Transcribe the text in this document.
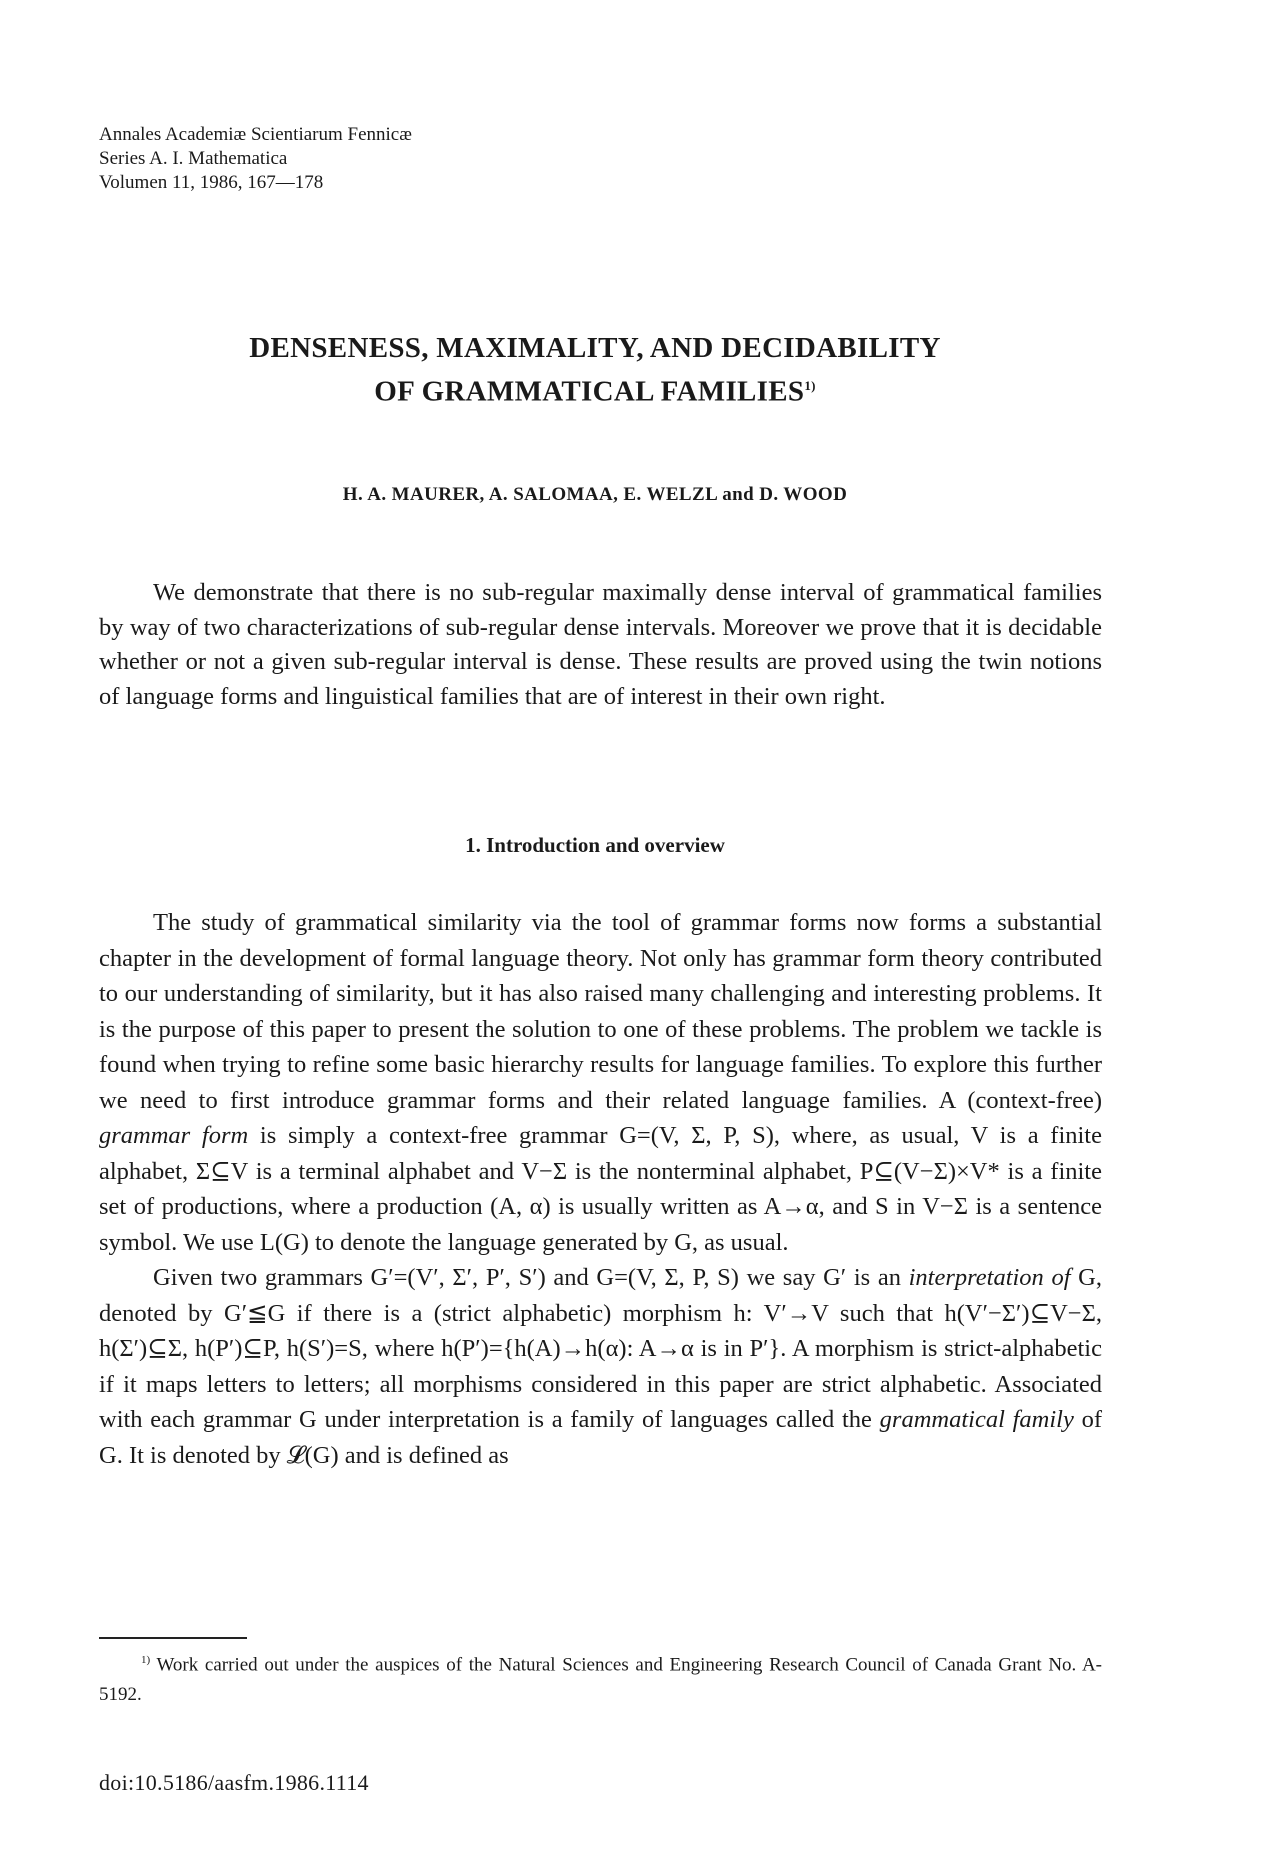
Annales Academiæ Scientiarum Fennicæ
Series A. I. Mathematica
Volumen 11, 1986, 167—178
DENSENESS, MAXIMALITY, AND DECIDABILITY
OF GRAMMATICAL FAMILIES$^{1)}$
H. A. MAURER, A. SALOMAA, E. WELZL and D. WOOD
We demonstrate that there is no sub-regular maximally dense interval of grammatical families by way of two characterizations of sub-regular dense intervals. Moreover we prove that it is decidable whether or not a given sub-regular interval is dense. These results are proved using the twin notions of language forms and linguistical families that are of interest in their own right.
1. Introduction and overview

The study of grammatical similarity via the tool of grammar forms now forms a substantial chapter in the development of formal language theory. Not only has grammar form theory contributed to our understanding of similarity, but it has also raised many challenging and interesting problems. It is the purpose of this paper to present the solution to one of these problems. The problem we tackle is found when trying to refine some basic hierarchy results for language families. To explore this further we need to first introduce grammar forms and their related language families. A (context-free) grammar form is simply a context-free grammar G=(V, Σ, P, S), where, as usual, V is a finite alphabet, Σ⊆V is a terminal alphabet and V−Σ is the nonterminal alphabet, P⊆(V−Σ)×V* is a finite set of productions, where a production (A, α) is usually written as A→α, and S in V−Σ is a sentence symbol. We use L(G) to denote the language generated by G, as usual.

Given two grammars G′=(V′, Σ′, P′, S′) and G=(V, Σ, P, S) we say G′ is an interpretation of G, denoted by G′≦G if there is a (strict alphabetic) morphism h: V′→V such that h(V′−Σ′)⊆V−Σ, h(Σ′)⊆Σ, h(P′)⊆P, h(S′)=S, where h(P′)={h(A)→h(α): A→α is in P′}. A morphism is strict-alphabetic if it maps letters to letters; all morphisms considered in this paper are strict alphabetic. Associated with each grammar G under interpretation is a family of languages called the grammatical family of G. It is denoted by 𝓛(G) and is defined as

$^{1)}$ Work carried out under the auspices of the Natural Sciences and Engineering Research Council of Canada Grant No. A-5192.
doi:10.5186/aasfm.1986.1114
